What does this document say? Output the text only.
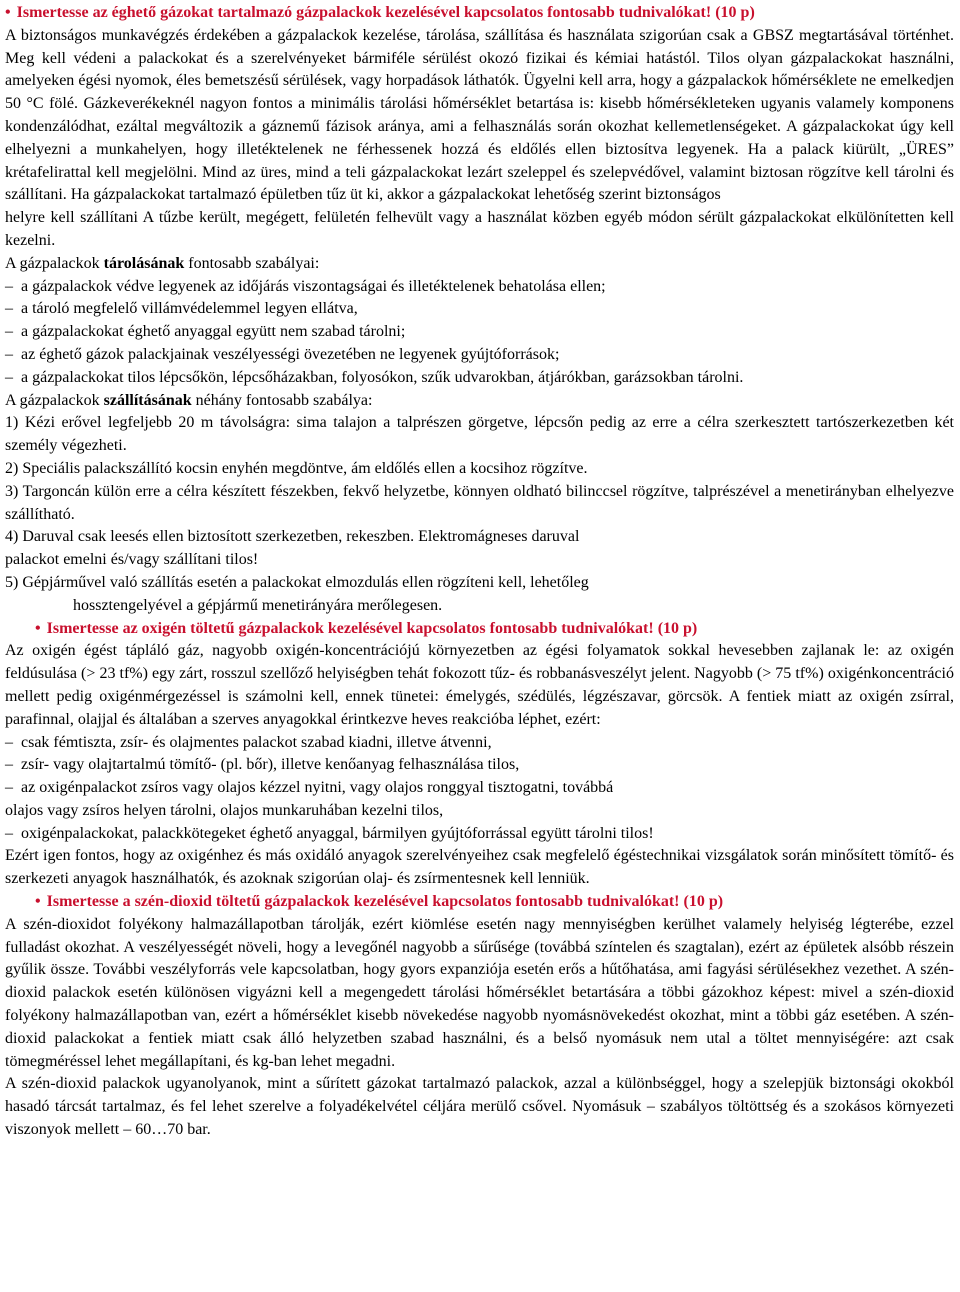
• Ismertesse az éghető gázokat tartalmazó gázpalackok kezelésével kapcsolatos fontosabb tudnivalókat! (10 p)

A biztonságos munkavégzés érdekében a gázpalackok kezelése, tárolása, szállítása és használata szigorúan csak a GBSZ megtartásával történhet. Meg kell védeni a palackokat és a szerelvényeket bármiféle sérülést okozó fizikai és kémiai hatástól. Tilos olyan gázpalackokat használni, amelyeken égési nyomok, éles bemetszésű sérülések, vagy horpadások láthatók. Ügyelni kell arra, hogy a gázpalackok hőmérséklete ne emelkedjen 50 °C fölé. Gázkeverékeknél nagyon fontos a minimális tárolási hőmérséklet betartása is: kisebb hőmérsékleteken ugyanis valamely komponens kondenzálódhat, ezáltal megváltozik a gáznemű fázisok aránya, ami a felhasználás során okozhat kellemetlenségeket. A gázpalackokat úgy kell elhelyezni a munkahelyen, hogy illetéktelenek ne férhessenek hozzá és eldőlés ellen biztosítva legyenek. Ha a palack kiürült, „ÜRES” krétafelirattal kell megjelölni. Mind az üres, mind a teli gázpalackokat lezárt szeleppel és szelepvédővel, valamint biztosan rögzítve kell tárolni és szállítani. Ha gázpalackokat tartalmazó épületben tűz üt ki, akkor a gázpalackokat lehetőség szerint biztonságos

helyre kell szállítani A tűzbe került, megégett, felületén felhevült vagy a használat közben egyéb módon sérült gázpalackokat elkülönítetten kell kezelni.

A gázpalackok tárolásának fontosabb szabályai:

– a gázpalackok védve legyenek az időjárás viszontagságai és illetéktelenek behatolása ellen;

– a tároló megfelelő villámvédelemmel legyen ellátva,

– a gázpalackokat éghető anyaggal együtt nem szabad tárolni;

– az éghető gázok palackjainak veszélyességi övezetében ne legyenek gyújtóforrások;

– a gázpalackokat tilos lépcsőkön, lépcsőházakban, folyosókon, szűk udvarokban, átjárókban, garázsokban tárolni.

A gázpalackok szállításának néhány fontosabb szabálya:

1) Kézi erővel legfeljebb 20 m távolságra: sima talajon a talprészen görgetve, lépcsőn pedig az erre a célra szerkesztett tartószerkezetben két személy végezheti.

2) Speciális palackszállító kocsin enyhén megdöntve, ám eldőlés ellen a kocsihoz rögzítve.

3) Targoncán külön erre a célra készített fészekben, fekvő helyzetbe, könnyen oldható bilinccsel rögzítve, talprészével a menetirányban elhelyezve szállítható.

4) Daruval csak leesés ellen biztosított szerkezetben, rekeszben. Elektromágneses daruval

palackot emelni és/vagy szállítani tilos!

5) Gépjárművel való szállítás esetén a palackokat elmozdulás ellen rögzíteni kell, lehetőleg

hossztengelyével a gépjármű menetirányára merőlegesen.

• Ismertesse az oxigén töltetű gázpalackok kezelésével kapcsolatos fontosabb tudnivalókat! (10 p)

Az oxigén égést tápláló gáz, nagyobb oxigén-koncentrációjú környezetben az égési folyamatok sokkal hevesebben zajlanak le: az oxigén feldúsulása (> 23 tf%) egy zárt, rosszul szellőző helyiségben tehát fokozott tűz- és robbanásveszélyt jelent. Nagyobb (> 75 tf%) oxigénkoncentráció mellett pedig oxigénmérgezéssel is számolni kell, ennek tünetei: émelygés, szédülés, légzészavar, görcsök. A fentiek miatt az oxigén zsírral, parafinnal, olajjal és általában a szerves anyagokkal érintkezve heves reakcióba léphet, ezért:

– csak fémtiszta, zsír- és olajmentes palackot szabad kiadni, illetve átvenni,

– zsír- vagy olajtartalmú tömítő- (pl. bőr), illetve kenőanyag felhasználása tilos,

– az oxigénpalackot zsíros vagy olajos kézzel nyitni, vagy olajos ronggyal tisztogatni, továbbá

olajos vagy zsíros helyen tárolni, olajos munkaruhában kezelni tilos,

– oxigénpalackokat, palackkötegeket éghető anyaggal, bármilyen gyújtóforrással együtt tárolni tilos!

Ezért igen fontos, hogy az oxigénhez és más oxidáló anyagok szerelvényeihez csak megfelelő égéstechnikai vizsgálatok során minősített tömítő- és szerkezeti anyagok használhatók, és azoknak szigorúan olaj- és zsírmentesnek kell lenniük.

• Ismertesse a szén-dioxid töltetű gázpalackok kezelésével kapcsolatos fontosabb tudnivalókat! (10 p)

A szén-dioxidot folyékony halmazállapotban tárolják, ezért kiömlése esetén nagy mennyiségben kerülhet valamely helyiség légterébe, ezzel fulladást okozhat. A veszélyességét növeli, hogy a levegőnél nagyobb a sűrűsége (továbbá színtelen és szagtalan), ezért az épületek alsóbb részein gyűlik össze. További veszélyforrás vele kapcsolatban, hogy gyors expanziója esetén erős a hűtőhatása, ami fagyási sérülésekhez vezethet. A szén-dioxid palackok esetén különösen vigyázni kell a megengedett tárolási hőmérséklet betartására a többi gázokhoz képest: mivel a szén-dioxid folyékony halmazállapotban van, ezért a hőmérséklet kisebb növekedése nagyobb nyomásnövekedést okozhat, mint a többi gáz esetében. A szén-dioxid palackokat a fentiek miatt csak álló helyzetben szabad használni, és a belső nyomásuk nem utal a töltet mennyiségére: azt csak tömegméréssel lehet megállapítani, és kg-ban lehet megadni.

A szén-dioxid palackok ugyanolyanok, mint a sűrített gázokat tartalmazó palackok, azzal a különbséggel, hogy a szelepjük biztonsági okokból hasadó tárcsát tartalmaz, és fel lehet szerelve a folyadékelvétel céljára merülő csővel. Nyomásuk – szabályos töltöttség és a szokásos környezeti viszonyok mellett – 60…70 bar.
